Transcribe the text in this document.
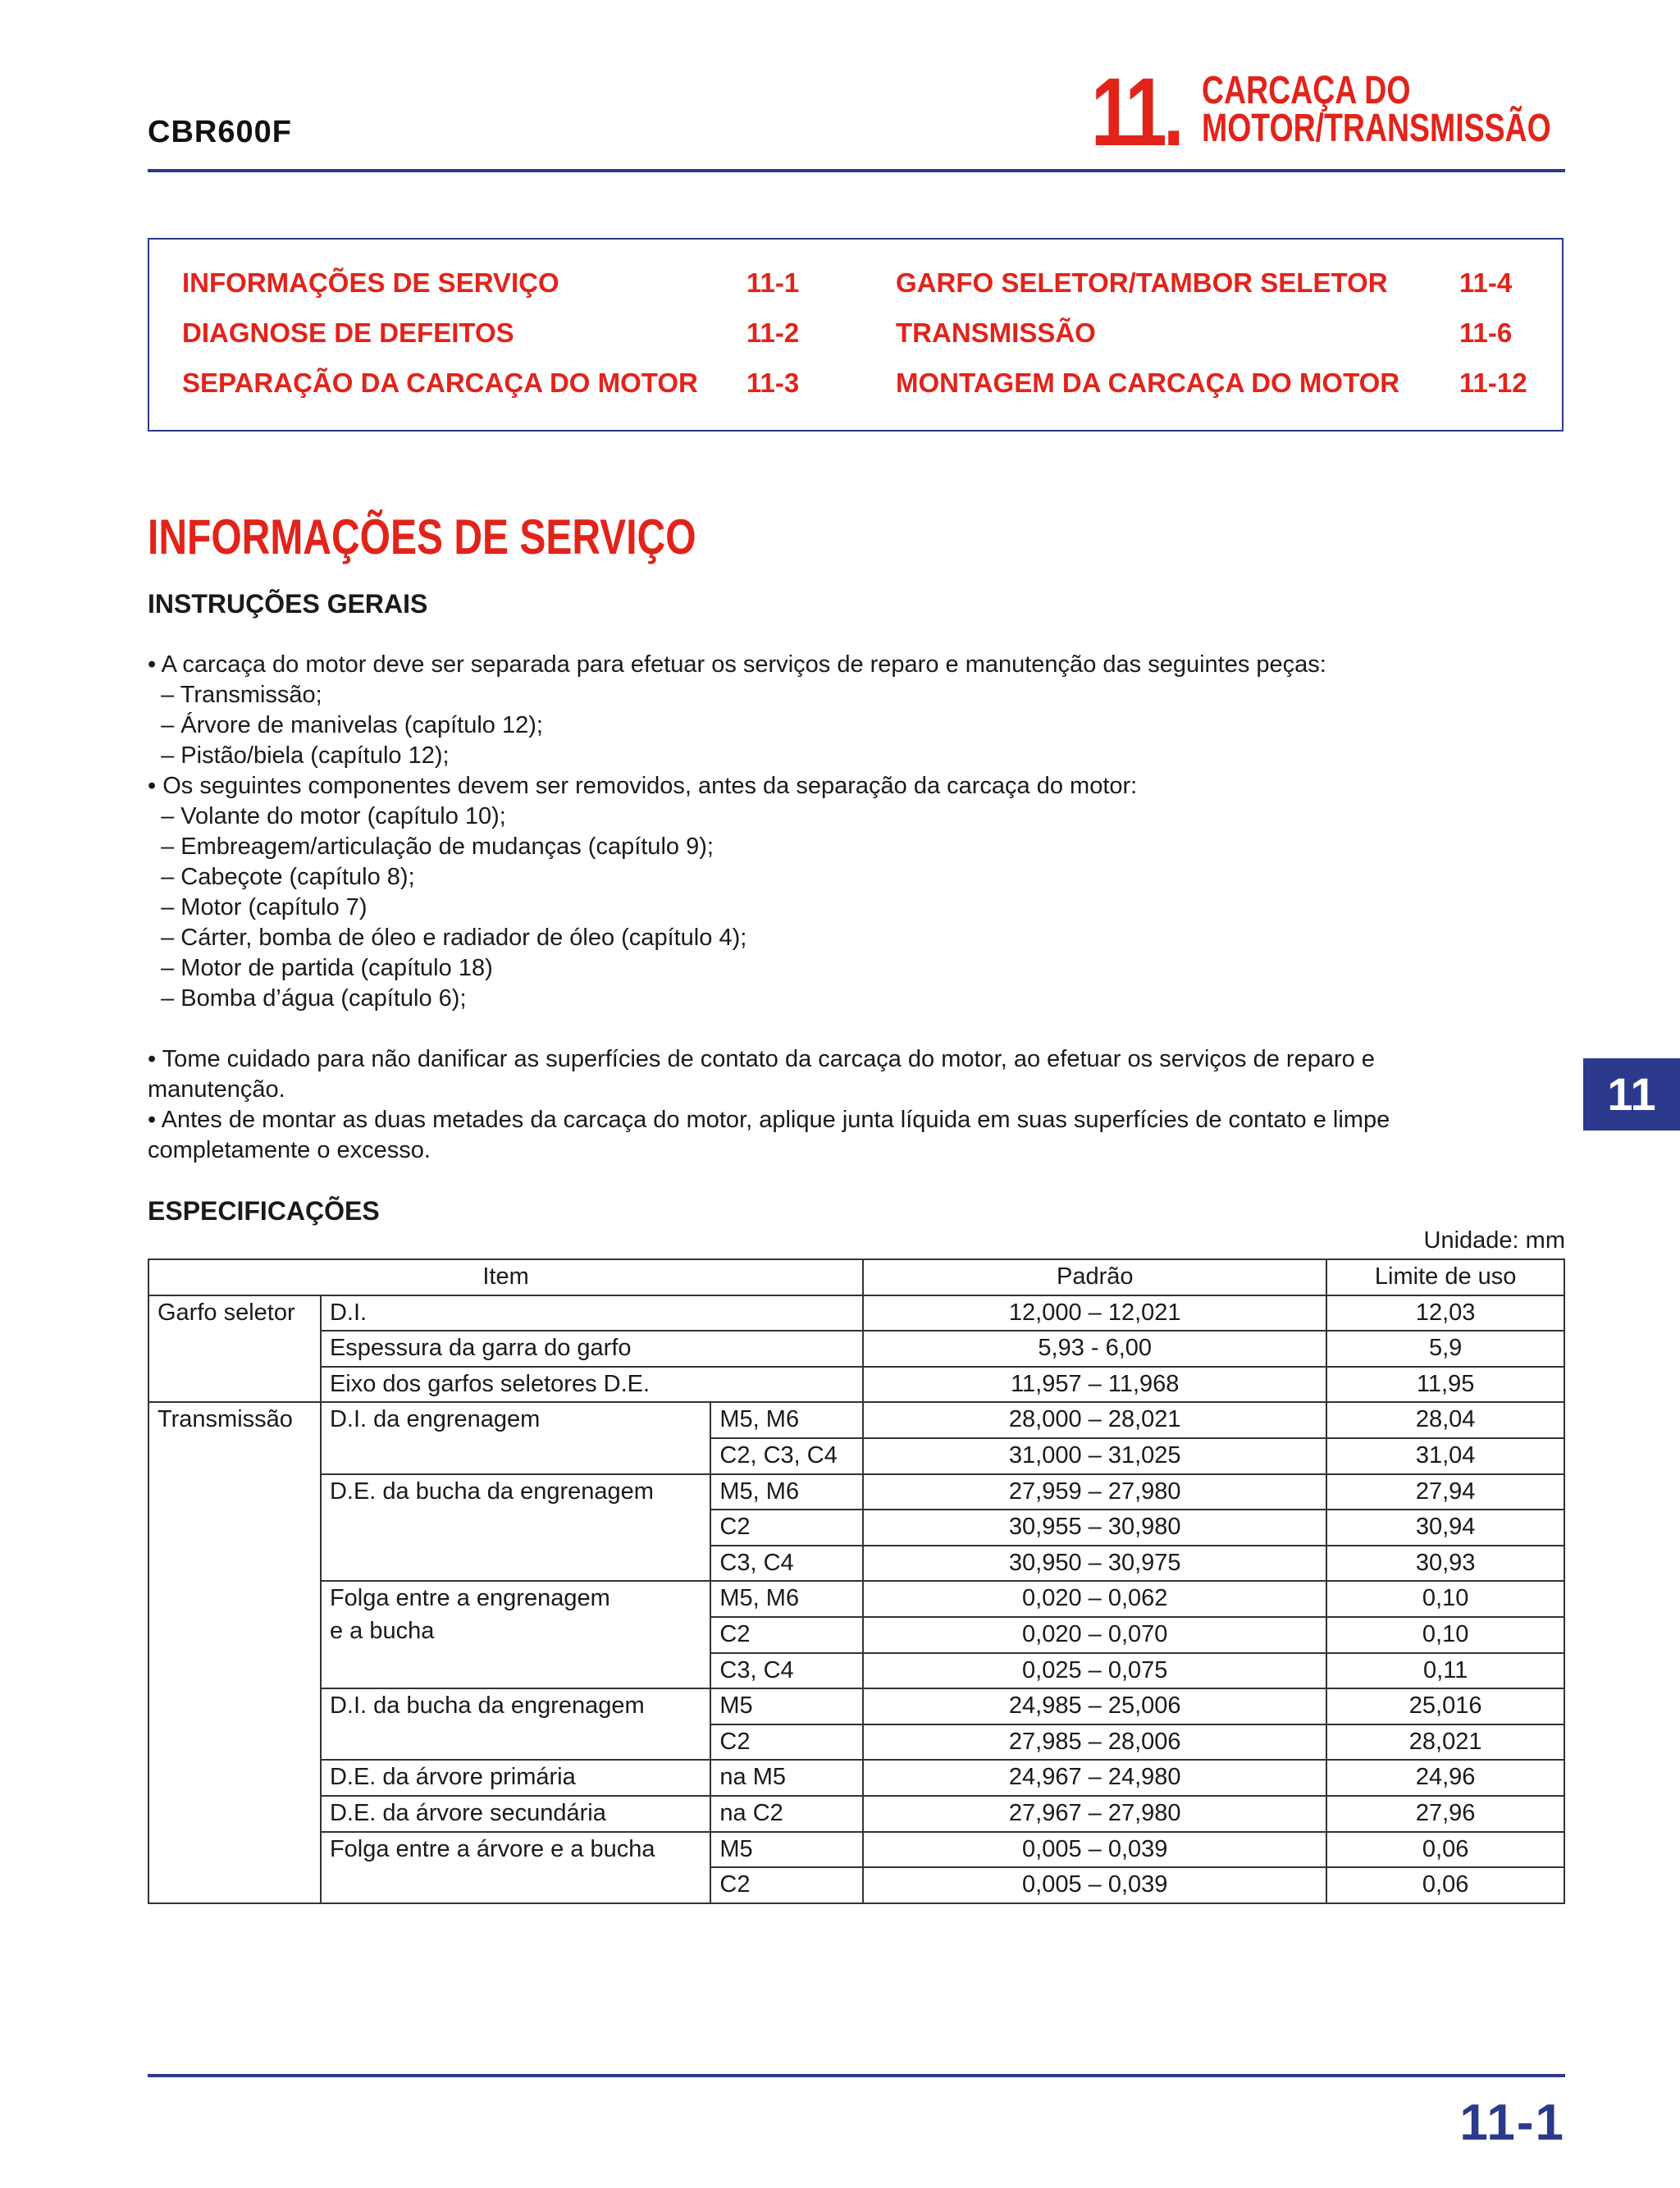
CBR600F	11. CARCAÇA DO
MOTOR/TRANSMISSÃO
INFORMAÇÕES DE SERVIÇO	11-1
DIAGNOSE DE DEFEITOS	11-2
SEPARAÇÃO DA CARCAÇA DO MOTOR 11-3
GARFO SELETOR/TAMBOR SELETOR	11-4
TRANSMISSÃO	11-6
MONTAGEM DA CARCAÇA DO MOTOR 11-12
INFORMAÇÕES DE SERVIÇO
INSTRUÇÕES GERAIS
• A carcaça do motor deve ser separada para efetuar os serviços de reparo e manutenção das seguintes peças:
– Transmissão;
– Árvore de manivelas (capítulo 12);
– Pistão/biela (capítulo 12);
• Os seguintes componentes devem ser removidos, antes da separação da carcaça do motor:
– Volante do motor (capítulo 10);
– Embreagem/articulação de mudanças (capítulo 9);
– Cabeçote (capítulo 8);
– Motor (capítulo 7)
– Cárter, bomba de óleo e radiador de óleo (capítulo 4);
– Motor de partida (capítulo 18)
– Bomba d’água (capítulo 6);
• Tome cuidado para não danificar as superfícies de contato da carcaça do motor, ao efetuar os serviços de reparo e
manutenção.
• Antes de montar as duas metades da carcaça do motor, aplique junta líquida em suas superfícies de contato e limpe
completamente o excesso.
11
ESPECIFICAÇÕES
Unidade: mm
Item			Padrão	Limite de uso
Garfo seletor	D.I.		12,000 – 12,021	12,03
	Espessura da garra do garfo		5,93 - 6,00	5,9
	Eixo dos garfos seletores D.E.		11,957 – 11,968	11,95
Transmissão	D.I. da engrenagem	M5, M6	28,000 – 28,021	28,04
		C2, C3, C4	31,000 – 31,025	31,04
	D.E. da bucha da engrenagem	M5, M6	27,959 – 27,980	27,94
		C2	30,955 – 30,980	30,94
		C3, C4	30,950 – 30,975	30,93

	Folga entre a engrenagem
e a bucha	M5, M6	0,020 – 0,062	0,10
		C2	0,020 – 0,070	0,10
		C3, C4	0,025 – 0,075	0,11
	D.I. da bucha da engrenagem	M5	24,985 – 25,006	25,016
		C2	27,985 – 28,006	28,021
	D.E. da árvore primária	na M5	24,967 – 24,980	24,96
	D.E. da árvore secundária	na C2	27,967 – 27,980	27,96
	Folga entre a árvore e a bucha	M5	0,005 – 0,039	0,06
		C2	0,005 – 0,039	0,06
11-1
